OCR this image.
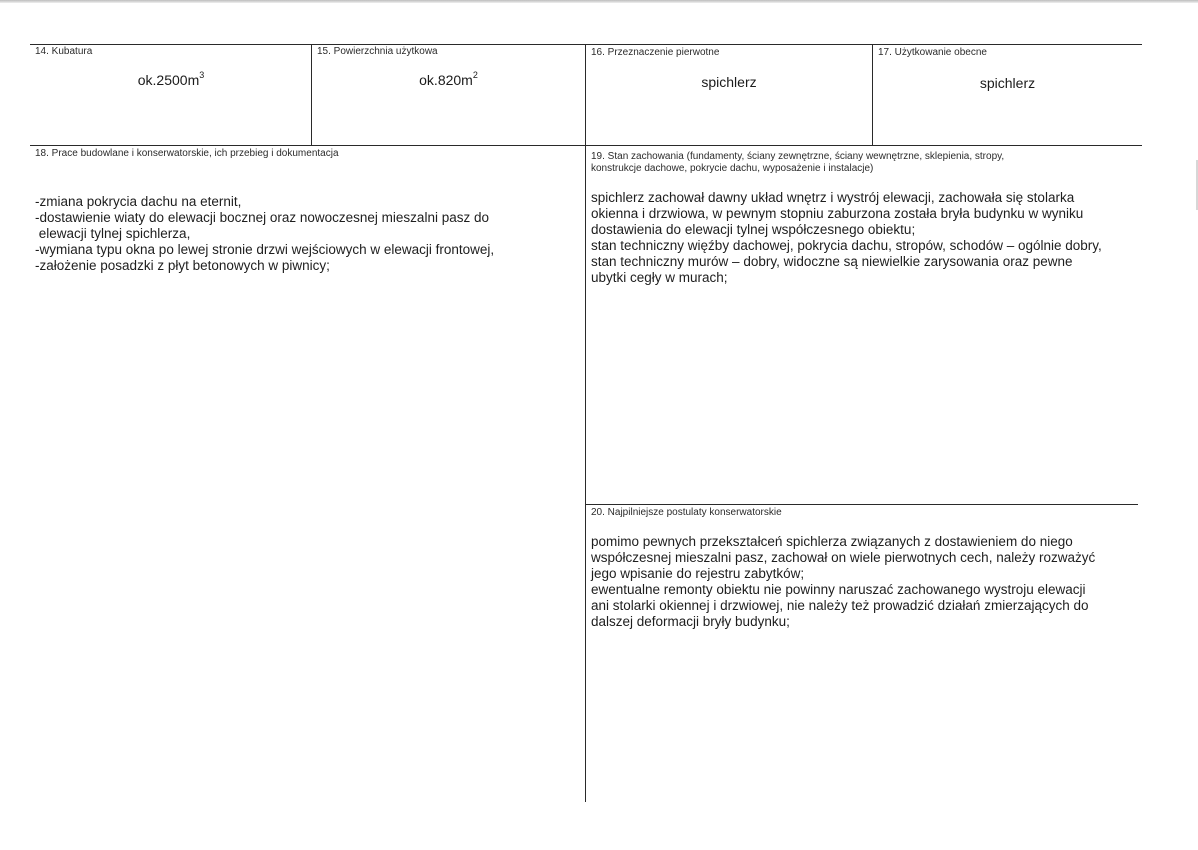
14. Kubatura
$ok.2500m^3$
15. Powierzchnia użytkowa
$ok.820m^2$
16. Przeznaczenie pierwotne
spichlerz
17. Użytkowanie obecne
spichlerz
18. Prace budowlane i konserwatorskie, ich przebieg i dokumentacja
-zmiana pokrycia dachu na eternit,
-dostawienie wiaty do elewacji bocznej oraz nowoczesnej mieszalni pasz do
elewacji tylnej spichlerza,
-wymiana typu okna po lewej stronie drzwi wejściowych w elewacji frontowej,
-założenie posadzki z płyt betonowych w piwnicy;
19. Stan zachowania (fundamenty, ściany zewnętrzne, ściany wewnętrzne, sklepienia, stropy,
konstrukcje dachowe, pokrycie dachu, wyposażenie i instalacje)
spichlerz zachował dawny układ wnętrz i wystrój elewacji, zachowała się stolarka
okienna i drzwiowa, w pewnym stopniu zaburzona została bryła budynku w wyniku
dostawienia do elewacji tylnej współczesnego obiektu;
stan techniczny więźby dachowej, pokrycia dachu, stropów, schodów – ogólnie dobry,
stan techniczny murów – dobry, widoczne są niewielkie zarysowania oraz pewne
ubytki cegły w murach;
20. Najpilniejsze postulaty konserwatorskie
pomimo pewnych przekształceń spichlerza związanych z dostawieniem do niego
współczesnej mieszalni pasz, zachował on wiele pierwotnych cech, należy rozważyć
jego wpisanie do rejestru zabytków;
ewentualne remonty obiektu nie powinny naruszać zachowanego wystroju elewacji
ani stolarki okiennej i drzwiowej, nie należy też prowadzić działań zmierzających do
dalszej deformacji bryły budynku;
